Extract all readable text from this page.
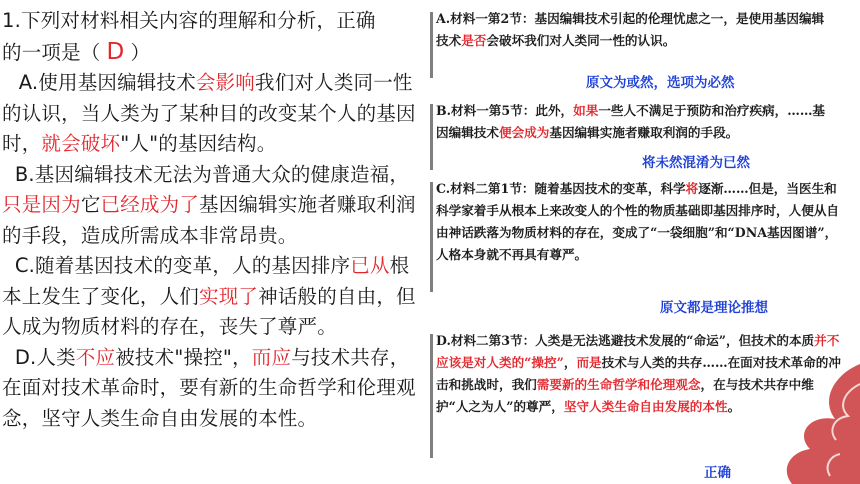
1.下列对材料相关内容的理解和分析，正确
的一项是（ D ）

A.使用基因编辑技术会影响我们对人类同一性的认识，当人类为了某种目的改变某个人的基因时，就会破坏"人"的基因结构。

B.基因编辑技术无法为普通大众的健康造福，只是因为它已经成为了基因编辑实施者赚取利润的手段，造成所需成本非常昂贵。

C.随着基因技术的变革，人的基因排序已从根本上发生了变化，人们实现了神话般的自由，但人成为物质材料的存在，丧失了尊严。

D.人类不应被技术"操控"，而应与技术共存，在面对技术革命时，要有新的生命哲学和伦理观念，坚守人类生命自由发展的本性。

A.材料一第2节：基因编辑技术引起的伦理忧虑之一，是使用基因编辑技术是否会破坏我们对人类同一性的认识。

原文为或然，选项为必然

B.材料一第5节：此外，如果一些人不满足于预防和治疗疾病，……基因编辑技术便会成为基因编辑实施者赚取利润的手段。

将未然混淆为已然

C.材料二第1节：随着基因技术的变革，科学将逐渐……但是，当医生和科学家着手从根本上来改变人的个性的物质基础即基因排序时，人便从自由神话跌落为物质材料的存在，变成了“一袋细胞”和“DNA基因图谱”，人格本身就不再具有尊严。

原文都是理论推想

D.材料二第3节：人类是无法逃避技术发展的“命运”，但技术的本质并不应该是对人类的“操控”，而是技术与人类的共存……在面对技术革命的冲击和挑战时，我们需要新的生命哲学和伦理观念，在与技术共存中维护“人之为人”的尊严，坚守人类生命自由发展的本性。

正确
